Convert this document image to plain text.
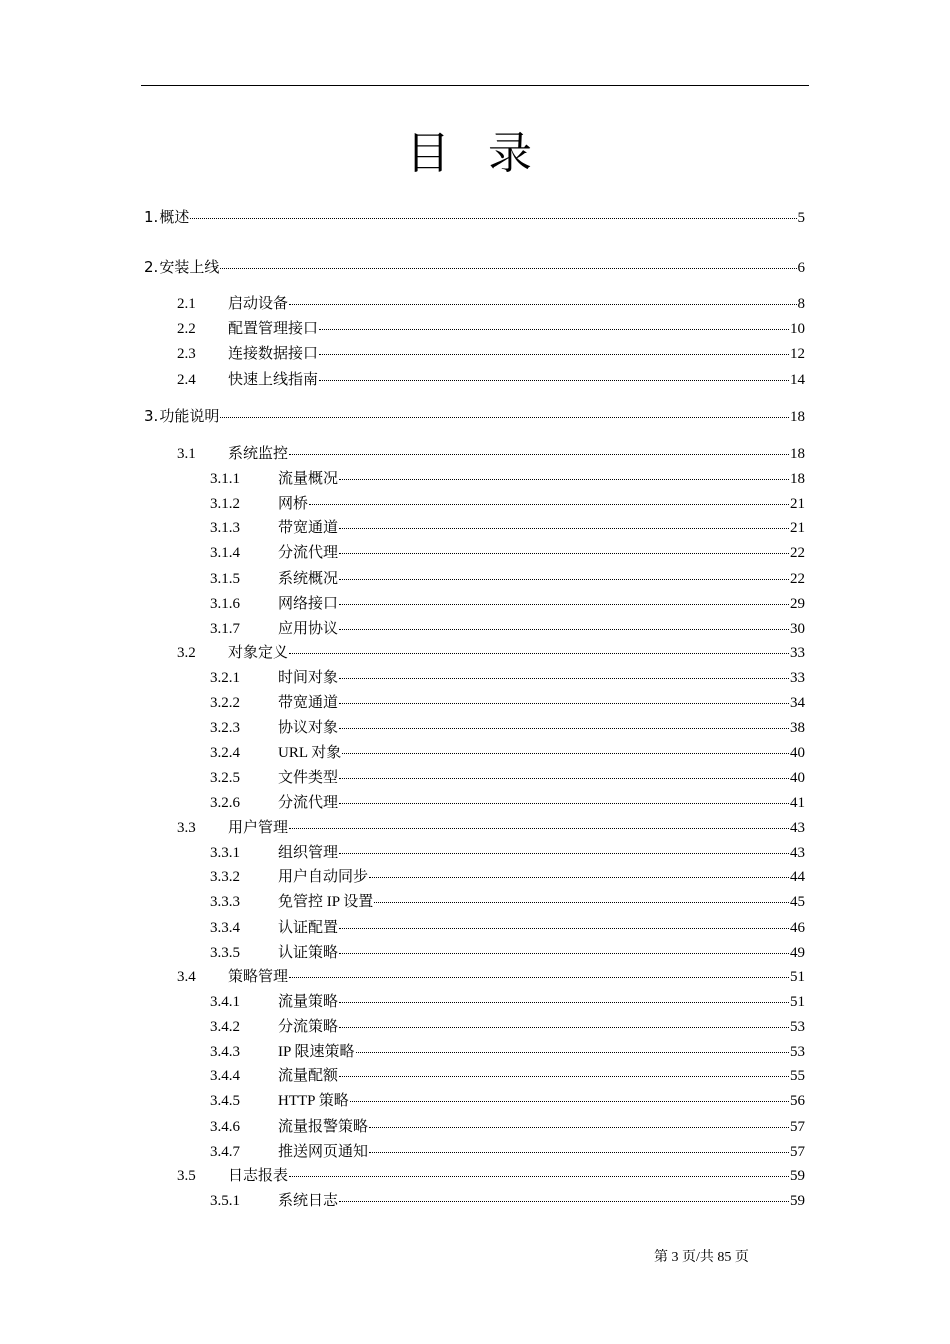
目 录
1. 概述	5
2. 安装上线	6
2.1	启动设备	8
2.2	配置管理接口	10
2.3	连接数据接口	12
2.4	快速上线指南	14
3. 功能说明	18
3.1	系统监控	18
3.1.1	流量概况	18
3.1.2	网桥	21
3.1.3	带宽通道	21
3.1.4	分流代理	22
3.1.5	系统概况	22
3.1.6	网络接口	29
3.1.7	应用协议	30
3.2	对象定义	33
3.2.1	时间对象	33
3.2.2	带宽通道	34
3.2.3	协议对象	38
3.2.4	URL 对象	40
3.2.5	文件类型	40
3.2.6	分流代理	41
3.3	用户管理	43
3.3.1	组织管理	43
3.3.2	用户自动同步	44
3.3.3	免管控 IP 设置	45
3.3.4	认证配置	46
3.3.5	认证策略	49
3.4	策略管理	51
3.4.1	流量策略	51
3.4.2	分流策略	53
3.4.3	IP 限速策略	53
3.4.4	流量配额	55
3.4.5	HTTP 策略	56
3.4.6	流量报警策略	57
3.4.7	推送网页通知	57
3.5	日志报表	59
3.5.1	系统日志	59
第 3 页/共 85 页
